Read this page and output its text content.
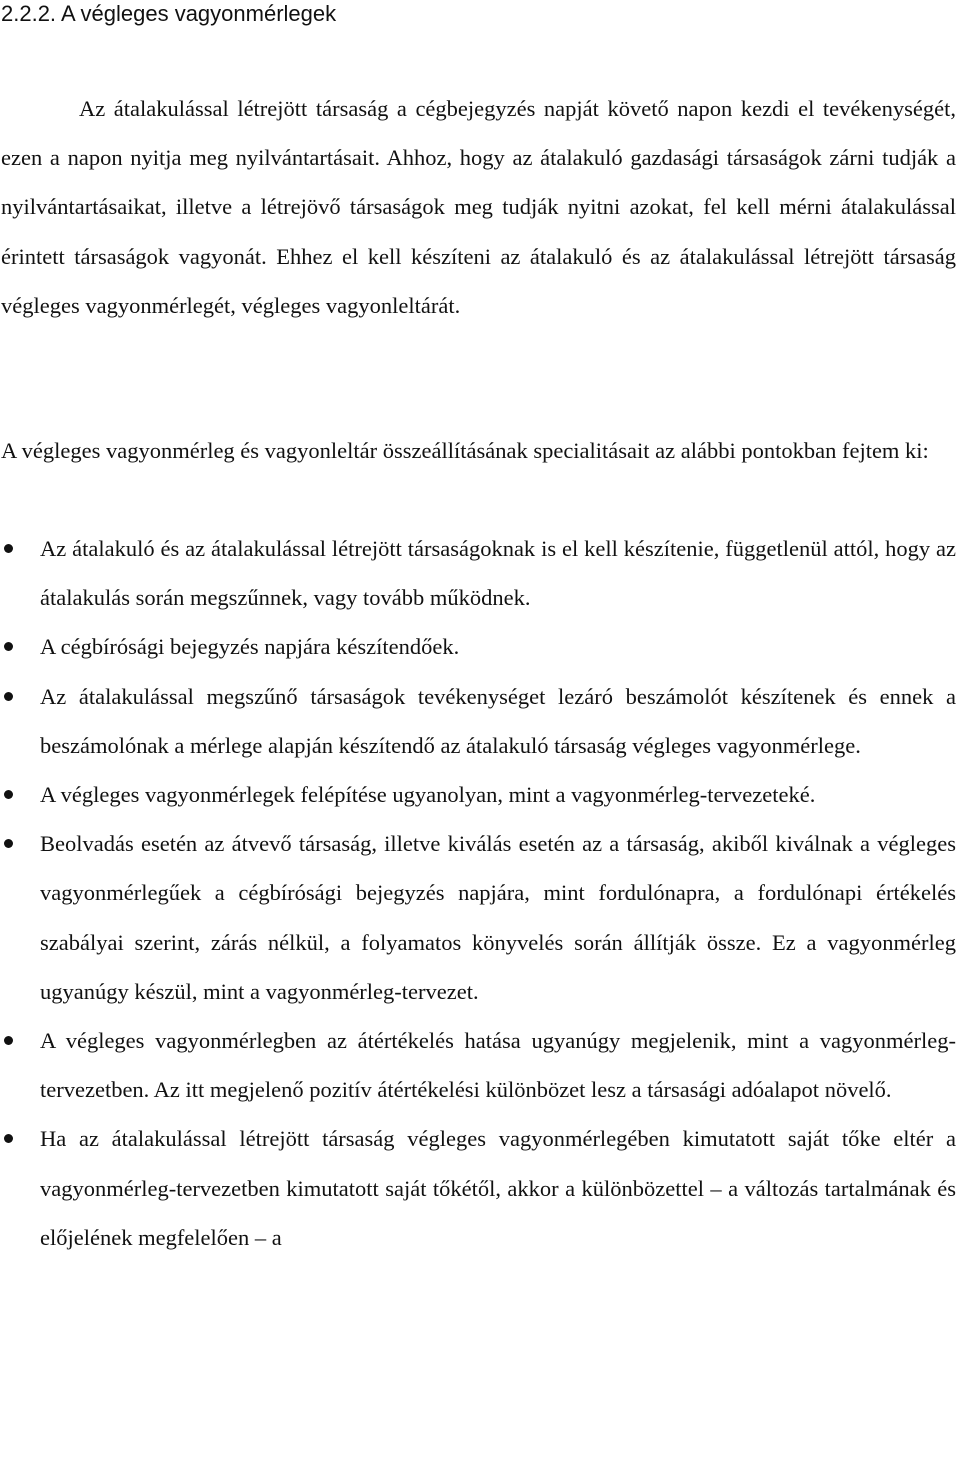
2.2.2. A végleges vagyonmérlegek

Az átalakulással létrejött társaság a cégbejegyzés napját követő napon kezdi el tevékenységét, ezen a napon nyitja meg nyilvántartásait. Ahhoz, hogy az átalakuló gazdasági társaságok zárni tudják a nyilvántartásaikat, illetve a létrejövő társaságok meg tudják nyitni azokat, fel kell mérni átalakulással érintett társaságok vagyonát. Ehhez el kell készíteni az átalakuló és az átalakulással létrejött társaság végleges vagyonmérlegét, végleges vagyonleltárát.

A végleges vagyonmérleg és vagyonleltár összeállításának specialitásait az alábbi pontokban fejtem ki:

Az átalakuló és az átalakulással létrejött társaságoknak is el kell készítenie, függetlenül attól, hogy az átalakulás során megszűnnek, vagy tovább működnek.
A cégbírósági bejegyzés napjára készítendőek.
Az átalakulással megszűnő társaságok tevékenységet lezáró beszámolót készítenek és ennek a beszámolónak a mérlege alapján készítendő az átalakuló társaság végleges vagyonmérlege.
A végleges vagyonmérlegek felépítése ugyanolyan, mint a vagyonmérleg-tervezeteké.
Beolvadás esetén az átvevő társaság, illetve kiválás esetén az a társaság, akiből kiválnak a végleges vagyonmérlegűek a cégbírósági bejegyzés napjára, mint fordulónapra, a fordulónapi értékelés szabályai szerint, zárás nélkül, a folyamatos könyvelés során állítják össze. Ez a vagyonmérleg ugyanúgy készül, mint a vagyonmérleg-tervezet.
A végleges vagyonmérlegben az átértékelés hatása ugyanúgy megjelenik, mint a vagyonmérleg-tervezetben. Az itt megjelenő pozitív átértékelési különbözet lesz a társasági adóalapot növelő.
Ha az átalakulással létrejött társaság végleges vagyonmérlegében kimutatott saját tőke eltér a vagyonmérleg-tervezetben kimutatott saját tőkétől, akkor a különbözettel – a változás tartalmának és előjelének megfelelően – a
